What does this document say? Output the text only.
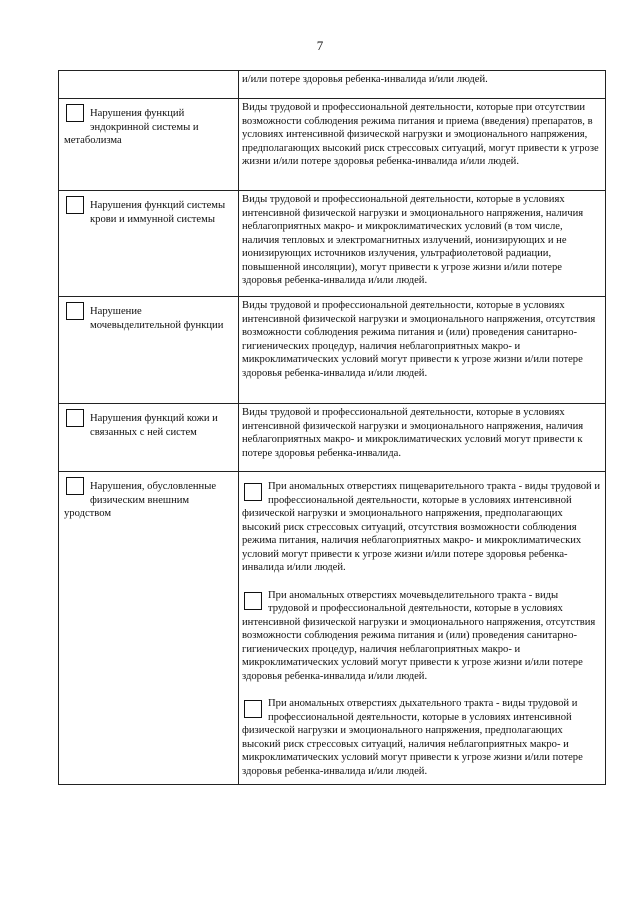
7
	и/или потере здоровья ребенка-инвалида и/или людей.

Нарушения функций эндокринной системы и метаболизма	Виды трудовой и профессиональной деятельности, которые при отсутствии возможности соблюдения режима питания и приема (введения) препаратов, в условиях интенсивной физической нагрузки и эмоционального напряжения, предполагающих высокий риск стрессовых ситуаций, могут привести к угрозе жизни и/или потере здоровья ребенка-инвалида и/или людей.

Нарушения функций системы крови и иммунной системы	Виды трудовой и профессиональной деятельности, которые в условиях интенсивной физической нагрузки и эмоционального напряжения, наличия неблагоприятных макро- и микроклиматических условий (в том числе, наличия тепловых и электромагнитных излучений, ионизирующих и не ионизирующих источников излучения, ультрафиолетовой радиации, повышенной инсоляции), могут привести к угрозе жизни и/или потере здоровья ребенка-инвалида и/или людей.

Нарушение мочевыделительной функции	Виды трудовой и профессиональной деятельности, которые в условиях интенсивной физической нагрузки и эмоционального напряжения, отсутствия возможности соблюдения режима питания и (или) проведения санитарно-гигиенических процедур, наличия неблагоприятных макро- и микроклиматических условий могут привести к угрозе жизни и/или потере здоровья ребенка-инвалида и/или людей.

Нарушения функций кожи и связанных с ней систем	Виды трудовой и профессиональной деятельности, которые в условиях интенсивной физической нагрузки и эмоционального напряжения, наличия неблагоприятных макро- и микроклиматических условий могут привести к потере здоровья ребенка-инвалида.

Нарушения, обусловленные физическим внешним уродством	При аномальных отверстиях пищеварительного тракта - виды трудовой и профессиональной деятельности, которые в условиях интенсивной физической нагрузки и эмоционального напряжения, предполагающих высокий риск стрессовых ситуаций, отсутствия возможности соблюдения режима питания, наличия неблагоприятных макро- и микроклиматических условий могут привести к угрозе жизни и/или потере здоровья ребенка-инвалида и/или людей.
При аномальных отверстиях мочевыделительного тракта - виды трудовой и профессиональной деятельности, которые в условиях интенсивной физической нагрузки и эмоционального напряжения, отсутствия возможности соблюдения режима питания и (или) проведения санитарно-гигиенических процедур, наличия неблагоприятных макро- и микроклиматических условий могут привести к угрозе жизни и/или потере здоровья ребенка-инвалида и/или людей.
При аномальных отверстиях дыхательного тракта - виды трудовой и профессиональной деятельности, которые в условиях интенсивной физической нагрузки и эмоционального напряжения, предполагающих высокий риск стрессовых ситуаций, наличия неблагоприятных макро- и микроклиматических условий могут привести к угрозе жизни и/или потере здоровья ребенка-инвалида и/или людей.
